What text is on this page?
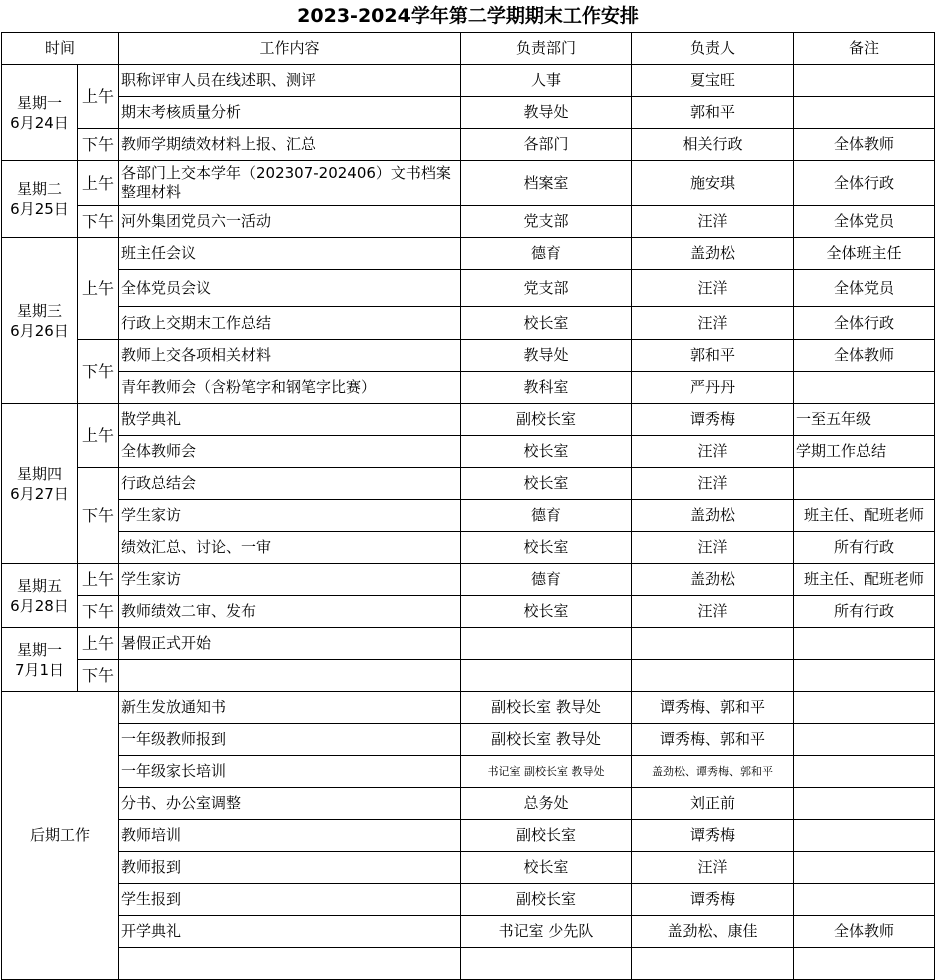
2023-2024学年第二学期期末工作安排					
时间		工作内容	负责部门	负责人	备注

星期一
6月24日	上午	职称评审人员在线述职、测评	人事	夏宝旺	
		期末考核质量分析	教导处	郭和平	
	下午	教师学期绩效材料上报、汇总	各部门	相关行政	全体教师

星期二
6月25日	上午	各部门上交本学年（202307-202406）文书档案整理材料	档案室	施安琪	全体行政
	下午	河外集团党员六一活动	党支部	汪洋	全体党员

星期三
6月26日	上午	班主任会议	德育	盖劲松	全体班主任
		全体党员会议	党支部	汪洋	全体党员
		行政上交期末工作总结	校长室	汪洋	全体行政
	下午	教师上交各项相关材料	教导处	郭和平	全体教师
		青年教师会（含粉笔字和钢笔字比赛）	教科室	严丹丹	

星期四
6月27日	上午	散学典礼	副校长室	谭秀梅	一至五年级
		全体教师会	校长室	汪洋	学期工作总结
	下午	行政总结会	校长室	汪洋	
		学生家访	德育	盖劲松	班主任、配班老师
		绩效汇总、讨论、一审	校长室	汪洋	所有行政

星期五
6月28日	上午	学生家访	德育	盖劲松	班主任、配班老师
	下午	教师绩效二审、发布	校长室	汪洋	所有行政

星期一
7月1日	上午	暑假正式开始			
	下午				
后期工作		新生发放通知书	副校长室 教导处	谭秀梅、郭和平	
		一年级教师报到	副校长室 教导处	谭秀梅、郭和平	
		一年级家长培训	书记室 副校长室 教导处	盖劲松、谭秀梅、郭和平	
		分书、办公室调整	总务处	刘正前	
		教师培训	副校长室	谭秀梅	
		教师报到	校长室	汪洋	
		学生报到	副校长室	谭秀梅	
		开学典礼	书记室 少先队	盖劲松、康佳	全体教师
